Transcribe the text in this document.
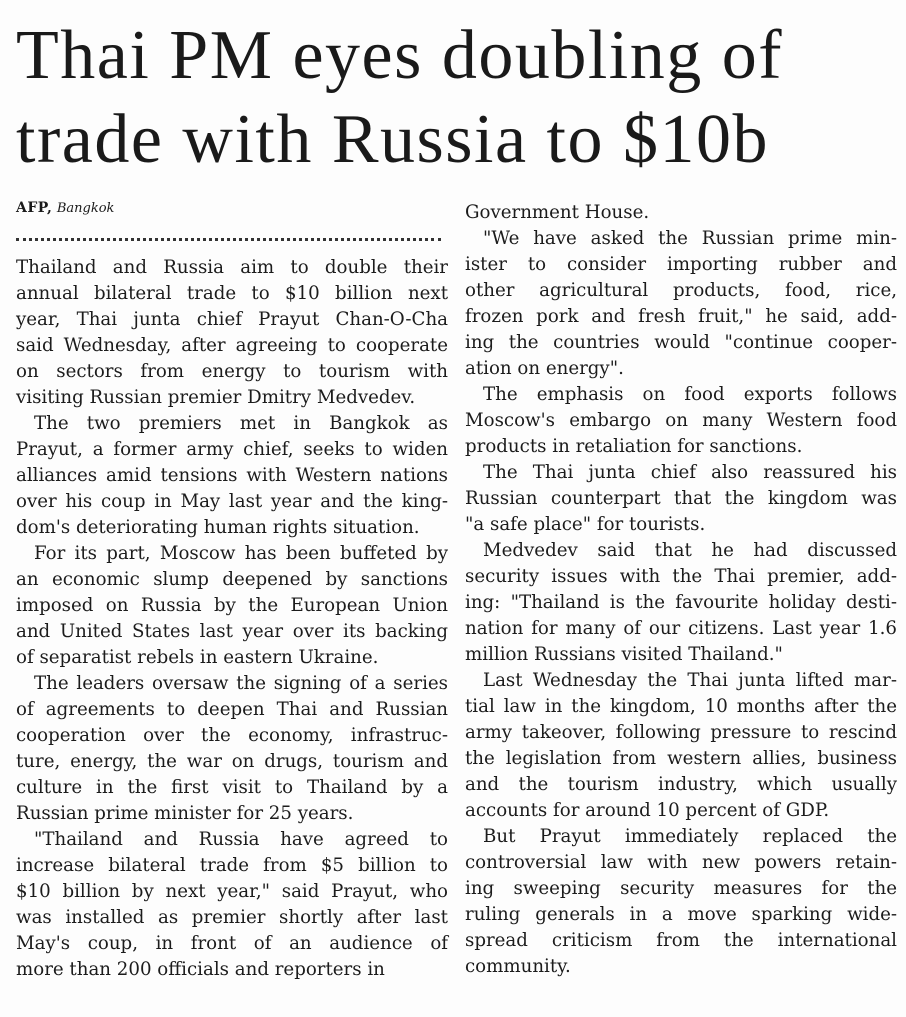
Thai PM eyes doubling of
trade with Russia to $10b
AFP, Bangkok
Thailand and Russia aim to double their
annual bilateral trade to $10 billion next
year, Thai junta chief Prayut Chan-O-Cha
said Wednesday, after agreeing to cooperate
on sectors from energy to tourism with
visiting Russian premier Dmitry Medvedev.
The two premiers met in Bangkok as
Prayut, a former army chief, seeks to widen
alliances amid tensions with Western nations
over his coup in May last year and the king-
dom's deteriorating human rights situation.
For its part, Moscow has been buffeted by
an economic slump deepened by sanctions
imposed on Russia by the European Union
and United States last year over its backing
of separatist rebels in eastern Ukraine.
The leaders oversaw the signing of a series
of agreements to deepen Thai and Russian
cooperation over the economy, infrastruc-
ture, energy, the war on drugs, tourism and
culture in the first visit to Thailand by a
Russian prime minister for 25 years.
"Thailand and Russia have agreed to
increase bilateral trade from $5 billion to
$10 billion by next year," said Prayut, who
was installed as premier shortly after last
May's coup, in front of an audience of
more than 200 officials and reporters in
Government House.
"We have asked the Russian prime min-
ister to consider importing rubber and
other agricultural products, food, rice,
frozen pork and fresh fruit," he said, add-
ing the countries would "continue cooper-
ation on energy".
The emphasis on food exports follows
Moscow's embargo on many Western food
products in retaliation for sanctions.
The Thai junta chief also reassured his
Russian counterpart that the kingdom was
"a safe place" for tourists.
Medvedev said that he had discussed
security issues with the Thai premier, add-
ing: "Thailand is the favourite holiday desti-
nation for many of our citizens. Last year 1.6
million Russians visited Thailand."
Last Wednesday the Thai junta lifted mar-
tial law in the kingdom, 10 months after the
army takeover, following pressure to rescind
the legislation from western allies, business
and the tourism industry, which usually
accounts for around 10 percent of GDP.
But Prayut immediately replaced the
controversial law with new powers retain-
ing sweeping security measures for the
ruling generals in a move sparking wide-
spread criticism from the international
community.
